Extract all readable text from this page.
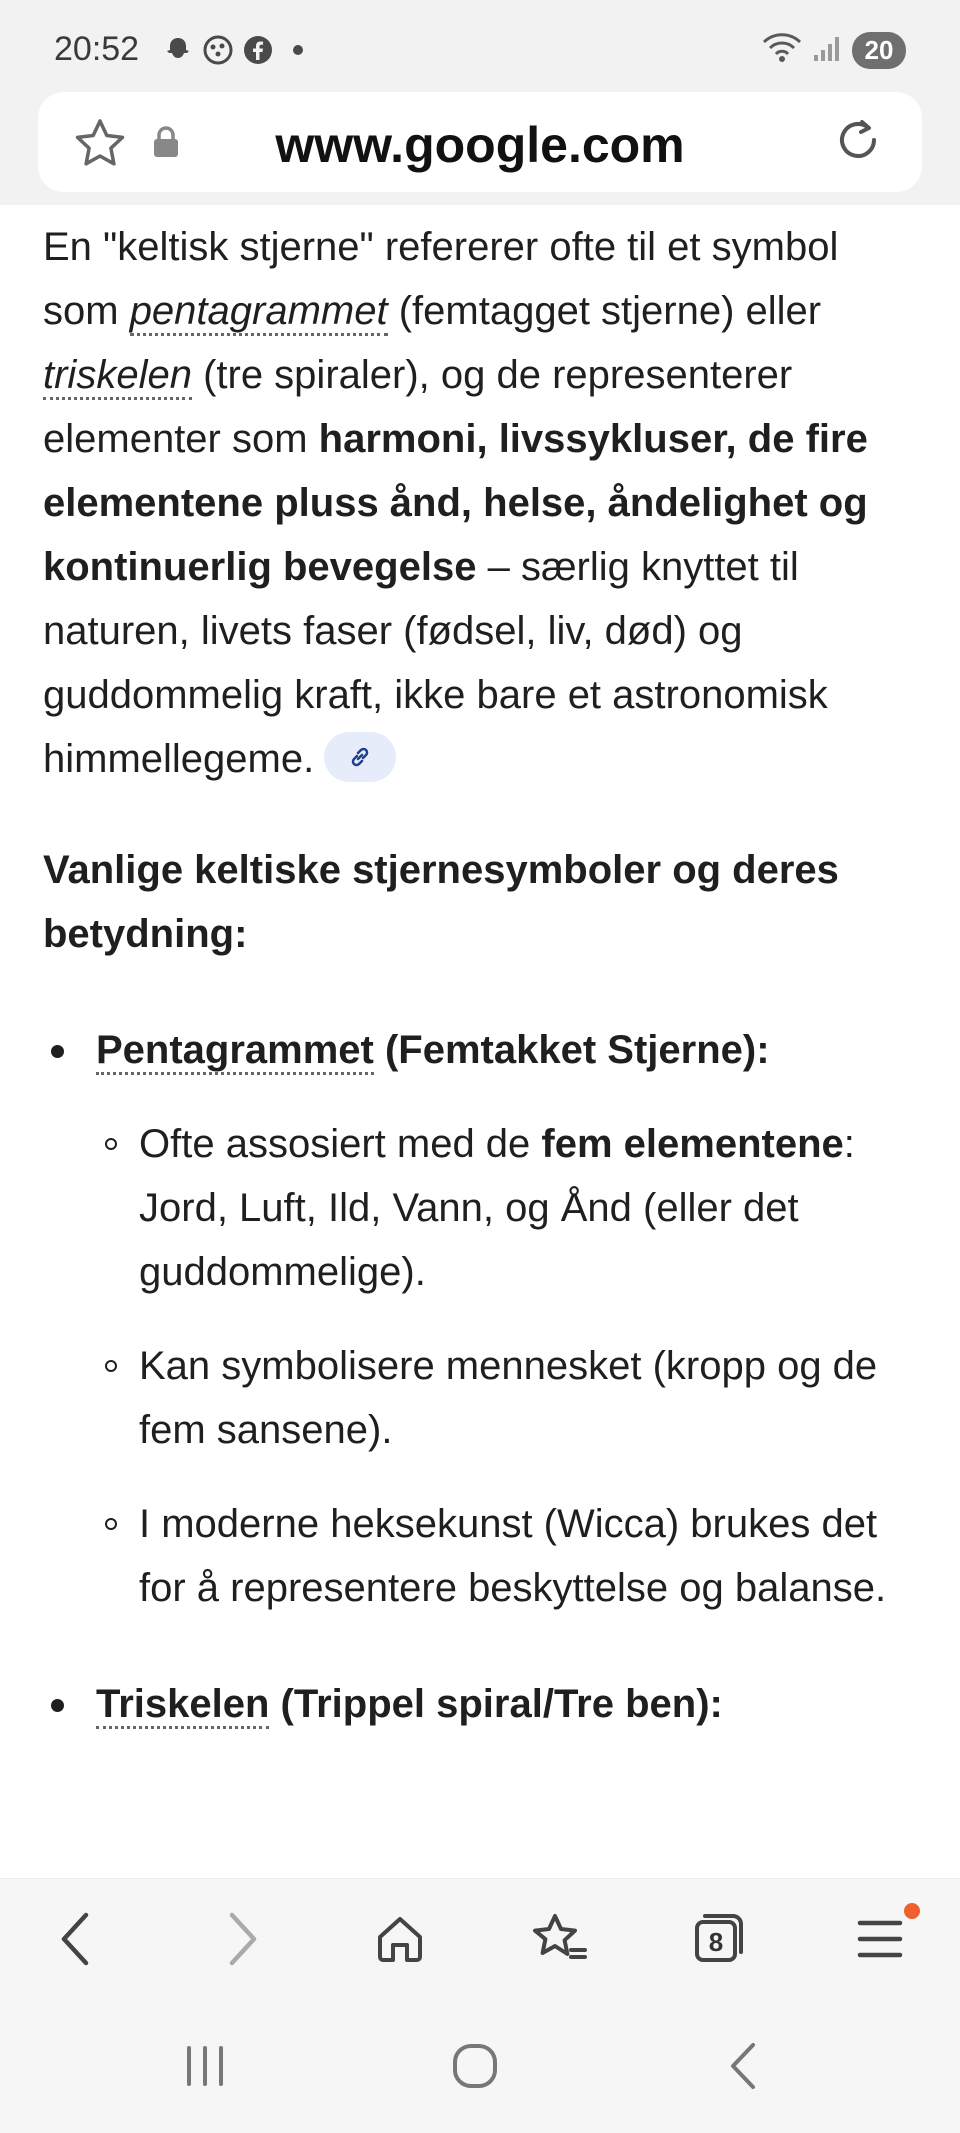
20:52	20
www.google.com

En "keltisk stjerne" refererer ofte til et symbol som pentagrammet (femtagget stjerne) eller triskelen (tre spiraler), og de representerer elementer som harmoni, livssykluser, de fire elementene pluss ånd, helse, åndelighet og kontinuerlig bevegelse – særlig knyttet til naturen, livets faser (fødsel, liv, død) og guddommelig kraft, ikke bare et astronomisk himmellegeme.

Vanlige keltiske stjernesymboler og deres betydning:

Pentagrammet (Femtakket Stjerne):
Ofte assosiert med de fem elementene: Jord, Luft, Ild, Vann, og Ånd (eller det guddommelige).
Kan symbolisere mennesket (kropp og de fem sansene).
I moderne heksekunst (Wicca) brukes det for å representere beskyttelse og balanse.
Triskelen (Trippel spiral/Tre ben):
8
